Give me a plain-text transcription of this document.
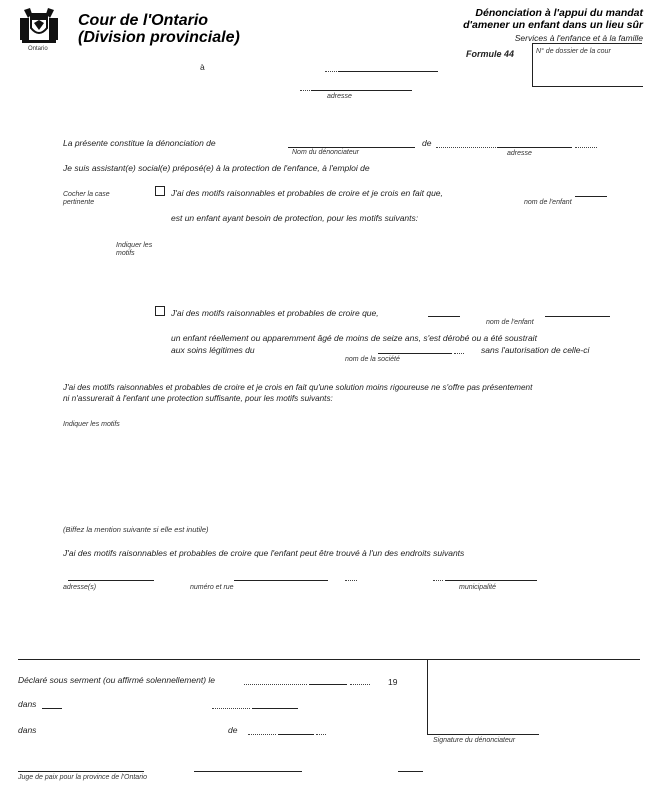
Ontario
Cour de l'Ontario
(Division provinciale)
Dénonciation à l'appui du mandat
d'amener un enfant dans un lieu sûr
Services à l'enfance et à la famille
Formule 44	N° de dossier de la cour
à
adresse
La présente constitue la dénonciation de	de
Nom du dénonciateur	adresse
Je suis assistant(e) social(e) préposé(e) à la protection de l'enfance, à l'emploi de
Cocher la case
pertinente
J'ai des motifs raisonnables et probables de croire et je crois en fait que,
nom de l'enfant
est un enfant ayant besoin de protection, pour les motifs suivants:
Indiquer les
motifs
J'ai des motifs raisonnables et probables de croire que,
nom de l'enfant
un enfant réellement ou apparemment âgé de moins de seize ans, s'est dérobé ou a été soustrait
aux soins légitimes du
nom de la société
sans l'autorisation de celle-ci
J'ai des motifs raisonnables et probables de croire et je crois en fait qu'une solution moins rigoureuse ne s'offre pas présentement
ni n'assurerait à l'enfant une protection suffisante, pour les motifs suivants:
Indiquer les motifs
(Biffez la mention suivante si elle est inutile)
J'ai des motifs raisonnables et probables de croire que l'enfant peut être trouvé à l'un des endroits suivants
adresse(s)	numéro et rue	municipalité
Déclaré sous serment (ou affirmé solennellement) le	19
dans
dans	de
Signature du dénonciateur
Juge de paix pour la province de l'Ontario
